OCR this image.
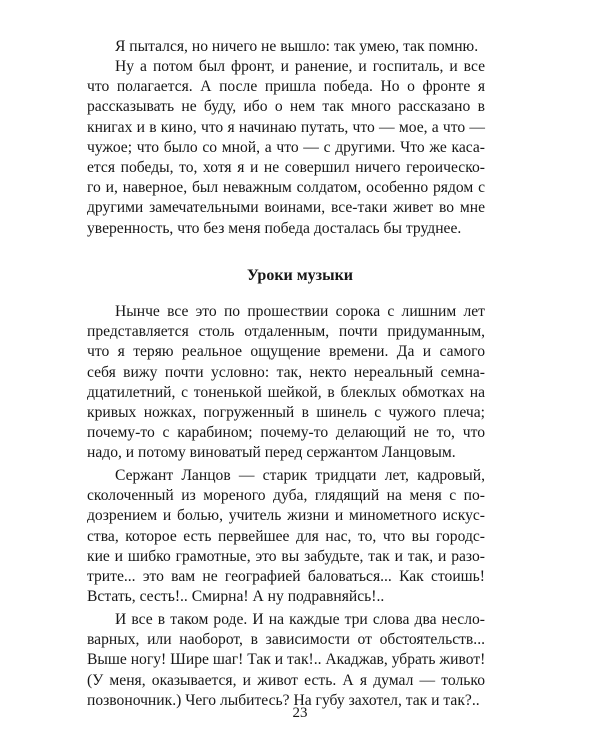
Я пытался, но ничего не вышло: так умею, так помню.
Ну а потом был фронт, и ранение, и госпиталь, и все
что полагается. А после пришла победа. Но о фронте я
рассказывать не буду, ибо о нем так много рассказано в
книгах и в кино, что я начинаю путать, что — мое, а что —
чужое; что было со мной, а что — с другими. Что же каса-
ется победы, то, хотя я и не совершил ничего героическо-
го и, наверное, был неважным солдатом, особенно рядом с
другими замечательными воинами, все-таки живет во мне
уверенность, что без меня победа досталась бы труднее.
Уроки музыки
Нынче все это по прошествии сорока с лишним лет
представляется столь отдаленным, почти придуманным,
что я теряю реальное ощущение времени. Да и самого
себя вижу почти условно: так, некто нереальный семна-
дцатилетний, с тоненькой шейкой, в блеклых обмотках на
кривых ножках, погруженный в шинель с чужого плеча;
почему-то с карабином; почему-то делающий не то, что
надо, и потому виноватый перед сержантом Ланцовым.
Сержант Ланцов — старик тридцати лет, кадровый,
сколоченный из мореного дуба, глядящий на меня с по-
дозрением и болью, учитель жизни и минометного искус-
ства, которое есть первейшее для нас, то, что вы городс-
кие и шибко грамотные, это вы забудьте, так и так, и разо-
трите... это вам не географией баловаться... Как стоишь!
Встать, сесть!.. Смирна! А ну подравняйсь!..
И все в таком роде. И на каждые три слова два несло-
варных, или наоборот, в зависимости от обстоятельств...
Выше ногу! Шире шаг! Так и так!.. Акаджав, убрать живот!
(У меня, оказывается, и живот есть. А я думал — только
позвоночник.) Чего лыбитесь? На губу захотел, так и так?..
23
